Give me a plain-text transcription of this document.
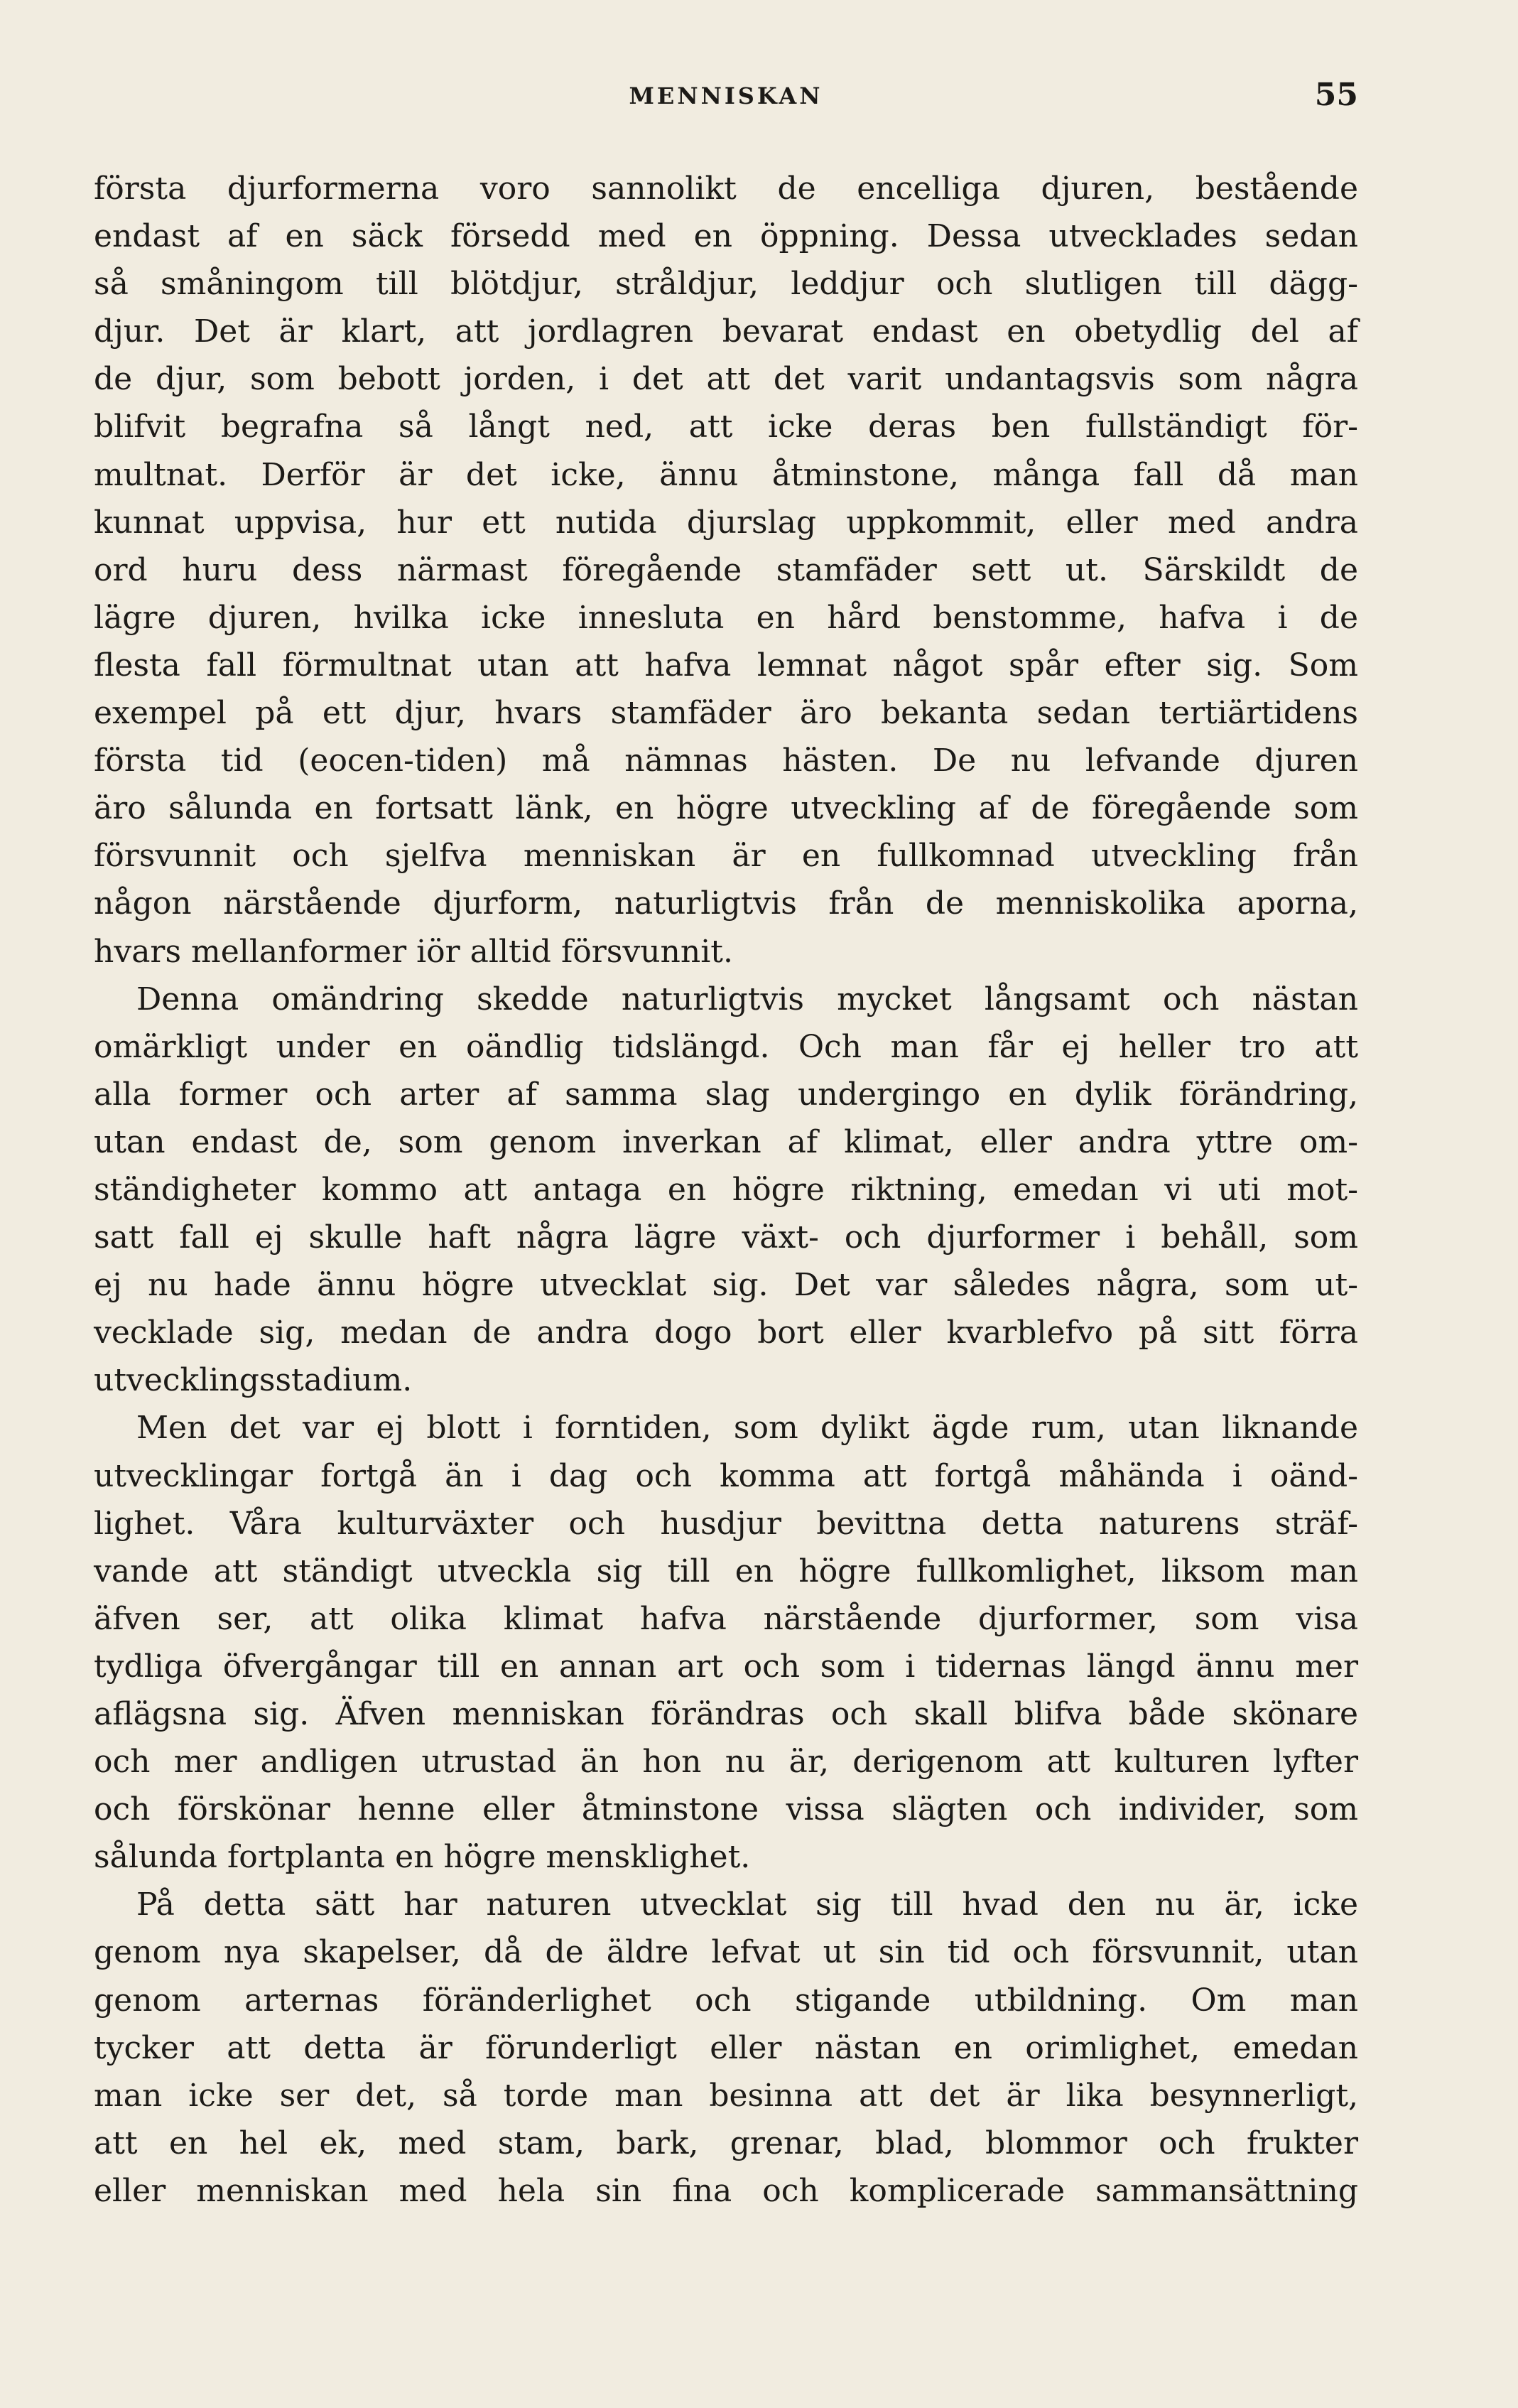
MENNISKAN	55
första djurformerna voro sannolikt de encelliga djuren, bestående
endast af en säck försedd med en öppning. Dessa utvecklades sedan
så småningom till blötdjur, stråldjur, leddjur och slutligen till dägg-
djur. Det är klart, att jordlagren bevarat endast en obetydlig del af
de djur, som bebott jorden, i det att det varit undantagsvis som några
blifvit begrafna så långt ned, att icke deras ben fullständigt för-
multnat. Derför är det icke, ännu åtminstone, många fall då man
kunnat uppvisa, hur ett nutida djurslag uppkommit, eller med andra
ord huru dess närmast föregående stamfäder sett ut. Särskildt de
lägre djuren, hvilka icke innesluta en hård benstomme, hafva i de
flesta fall förmultnat utan att hafva lemnat något spår efter sig. Som
exempel på ett djur, hvars stamfäder äro bekanta sedan tertiärtidens
första tid (eocen-tiden) må nämnas hästen. De nu lefvande djuren
äro sålunda en fortsatt länk, en högre utveckling af de föregående som
försvunnit och sjelfva menniskan är en fullkomnad utveckling från
någon närstående djurform, naturligtvis från de menniskolika aporna,
hvars mellanformer iör alltid försvunnit.
Denna omändring skedde naturligtvis mycket långsamt och nästan
omärkligt under en oändlig tidslängd. Och man får ej heller tro att
alla former och arter af samma slag undergingo en dylik förändring,
utan endast de, som genom inverkan af klimat, eller andra yttre om-
ständigheter kommo att antaga en högre riktning, emedan vi uti mot-
satt fall ej skulle haft några lägre växt- och djurformer i behåll, som
ej nu hade ännu högre utvecklat sig. Det var således några, som ut-
vecklade sig, medan de andra dogo bort eller kvarblefvo på sitt förra
utvecklingsstadium.
Men det var ej blott i forntiden, som dylikt ägde rum, utan liknande
utvecklingar fortgå än i dag och komma att fortgå måhända i oänd-
lighet. Våra kulturväxter och husdjur bevittna detta naturens sträf-
vande att ständigt utveckla sig till en högre fullkomlighet, liksom man
äfven ser, att olika klimat hafva närstående djurformer, som visa
tydliga öfvergångar till en annan art och som i tidernas längd ännu mer
aflägsna sig. Äfven menniskan förändras och skall blifva både skönare
och mer andligen utrustad än hon nu är, derigenom att kulturen lyfter
och förskönar henne eller åtminstone vissa slägten och individer, som
sålunda fortplanta en högre mensklighet.
På detta sätt har naturen utvecklat sig till hvad den nu är, icke
genom nya skapelser, då de äldre lefvat ut sin tid och försvunnit, utan
genom arternas föränderlighet och stigande utbildning. Om man
tycker att detta är förunderligt eller nästan en orimlighet, emedan
man icke ser det, så torde man besinna att det är lika besynnerligt,
att en hel ek, med stam, bark, grenar, blad, blommor och frukter
eller menniskan med hela sin fina och komplicerade sammansättning
